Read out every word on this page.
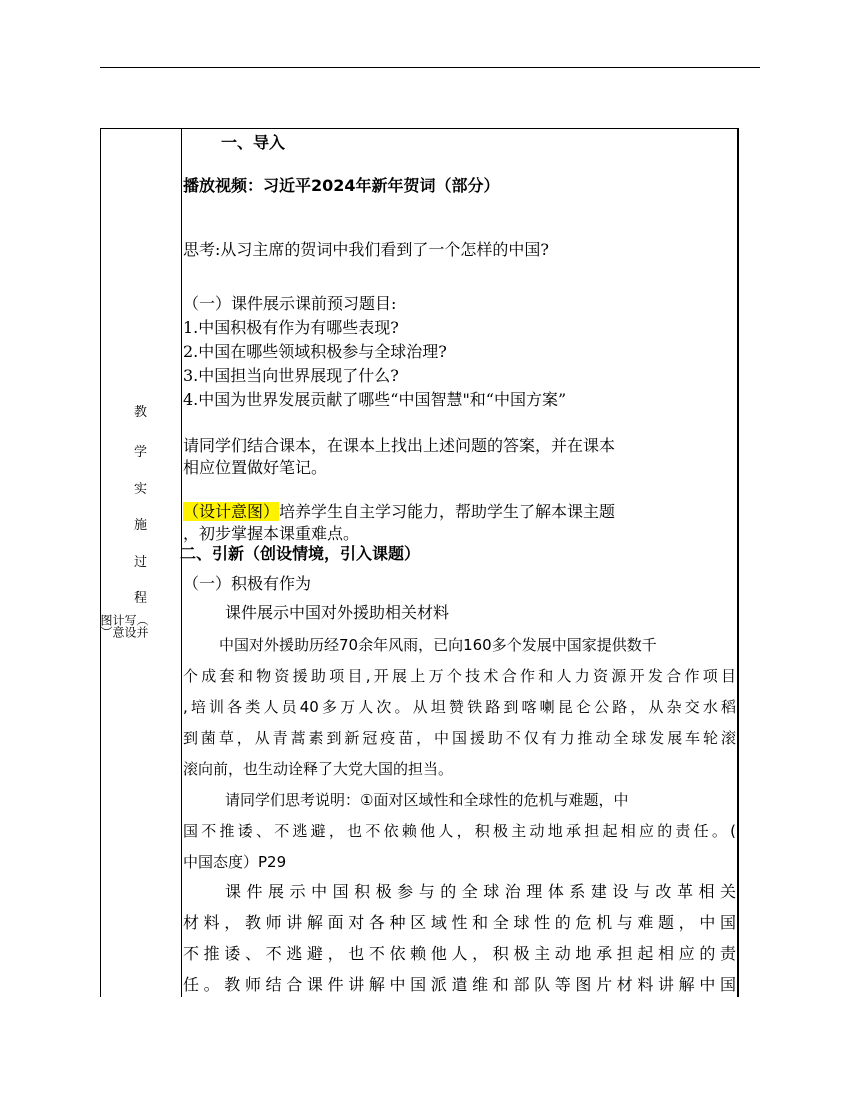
教
学
实
施
过
程
（并写设计意图）
一、导入
播放视频：习近平2024年新年贺词（部分）
思考:从习主席的贺词中我们看到了一个怎样的中国?
（一）课件展示课前预习题目:
1.中国积极有作为有哪些表现?
2.中国在哪些领域积极参与全球治理?
3.中国担当向世界展现了什么?
4.中国为世界发展贡献了哪些“中国智慧"和“中国方案”
请同学们结合课本，在课本上找出上述问题的答案，并在课本
相应位置做好笔记。
（设计意图）培养学生自主学习能力，帮助学生了解本课主题
，初步掌握本课重难点。
二、引新（创设情境，引入课题）
（一）积极有作为
课件展示中国对外援助相关材料
中国对外援助历经70余年风雨，已向160多个发展中国家提供数千
个成套和物资援助项目,开展上万个技术合作和人力资源开发合作项目
,培训各类人员40多万人次。从坦赞铁路到喀喇昆仑公路，从杂交水稻
到菌草，从青蒿素到新冠疫苗，中国援助不仅有力推动全球发展车轮滚
滚向前，也生动诠释了大党大国的担当。
请同学们思考说明：①面对区域性和全球性的危机与难题，中
国不推诿、不逃避，也不依赖他人，积极主动地承担起相应的责任。(
中国态度）P29
课件展示中国积极参与的全球治理体系建设与改革相关
材料，教师讲解面对各种区域性和全球性的危机与难题，中国
不推诿、不逃避，也不依赖他人，积极主动地承担起相应的责
任。教师结合课件讲解中国派遣维和部队等图片材料讲解中国
